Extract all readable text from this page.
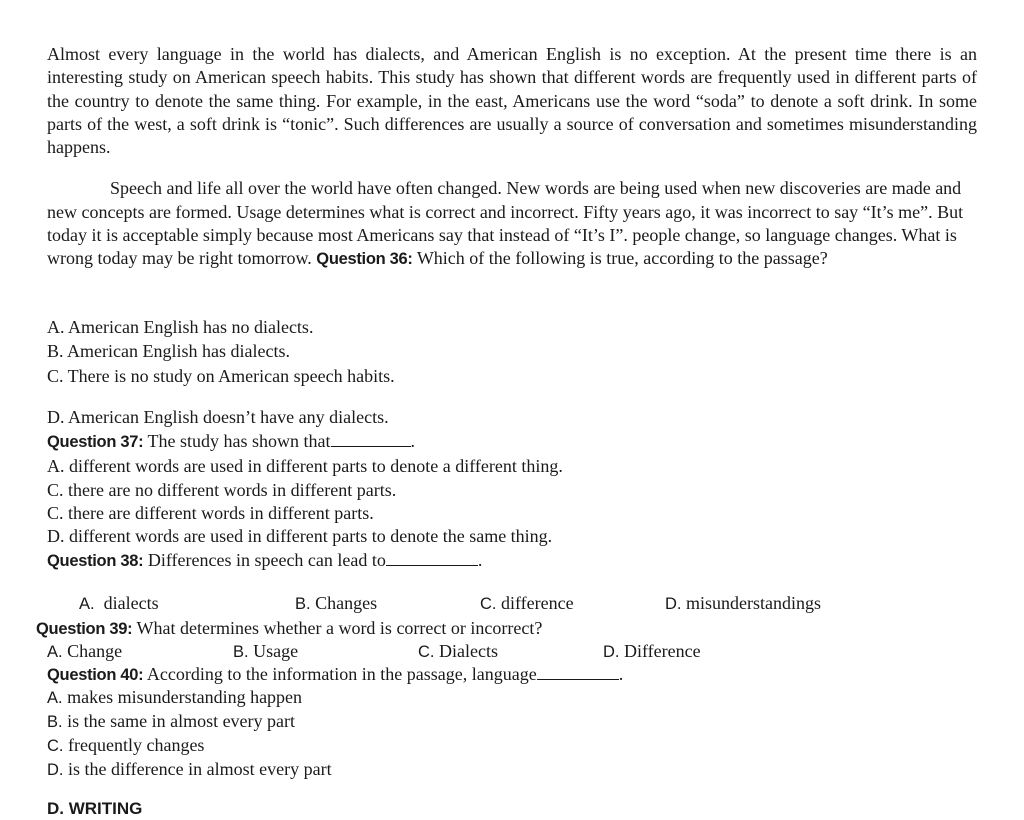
Almost every language in the world has dialects, and American English is no exception. At the present time there is an interesting study on American speech habits. This study has shown that different words are frequently used in different parts of the country to denote the same thing. For example, in the east, Americans use the word “soda” to denote a soft drink. In some parts of the west, a soft drink is “tonic”. Such differences are usually a source of conversation and sometimes misunderstanding happens.

Speech and life all over the world have often changed. New words are being used when new discoveries are made and new concepts are formed. Usage determines what is correct and incorrect. Fifty years ago, it was incorrect to say “It’s me”. But today it is acceptable simply because most Americans say that instead of “It’s I”. people change, so language changes. What is wrong today may be right tomorrow. Question 36: Which of the following is true, according to the passage?

A. American English has no dialects.
B. American English has dialects.
C. There is no study on American speech habits.
D. American English doesn’t have any dialects.
Question 37: The study has shown that	.
A. different words are used in different parts to denote a different thing.
C. there are no different words in different parts.
C. there are different words in different parts.
D. different words are used in different parts to denote the same thing.
Question 38: Differences in speech can lead to	.
A. dialects	B. Changes	C. difference	D. misunderstandings
Question 39: What determines whether a word is correct or incorrect?
A. Change	B. Usage	C. Dialects	D. Difference
Question 40: According to the information in the passage, language	.
A. makes misunderstanding happen
B. is the same in almost every part
C. frequently changes
D. is the difference in almost every part
D. WRITING
